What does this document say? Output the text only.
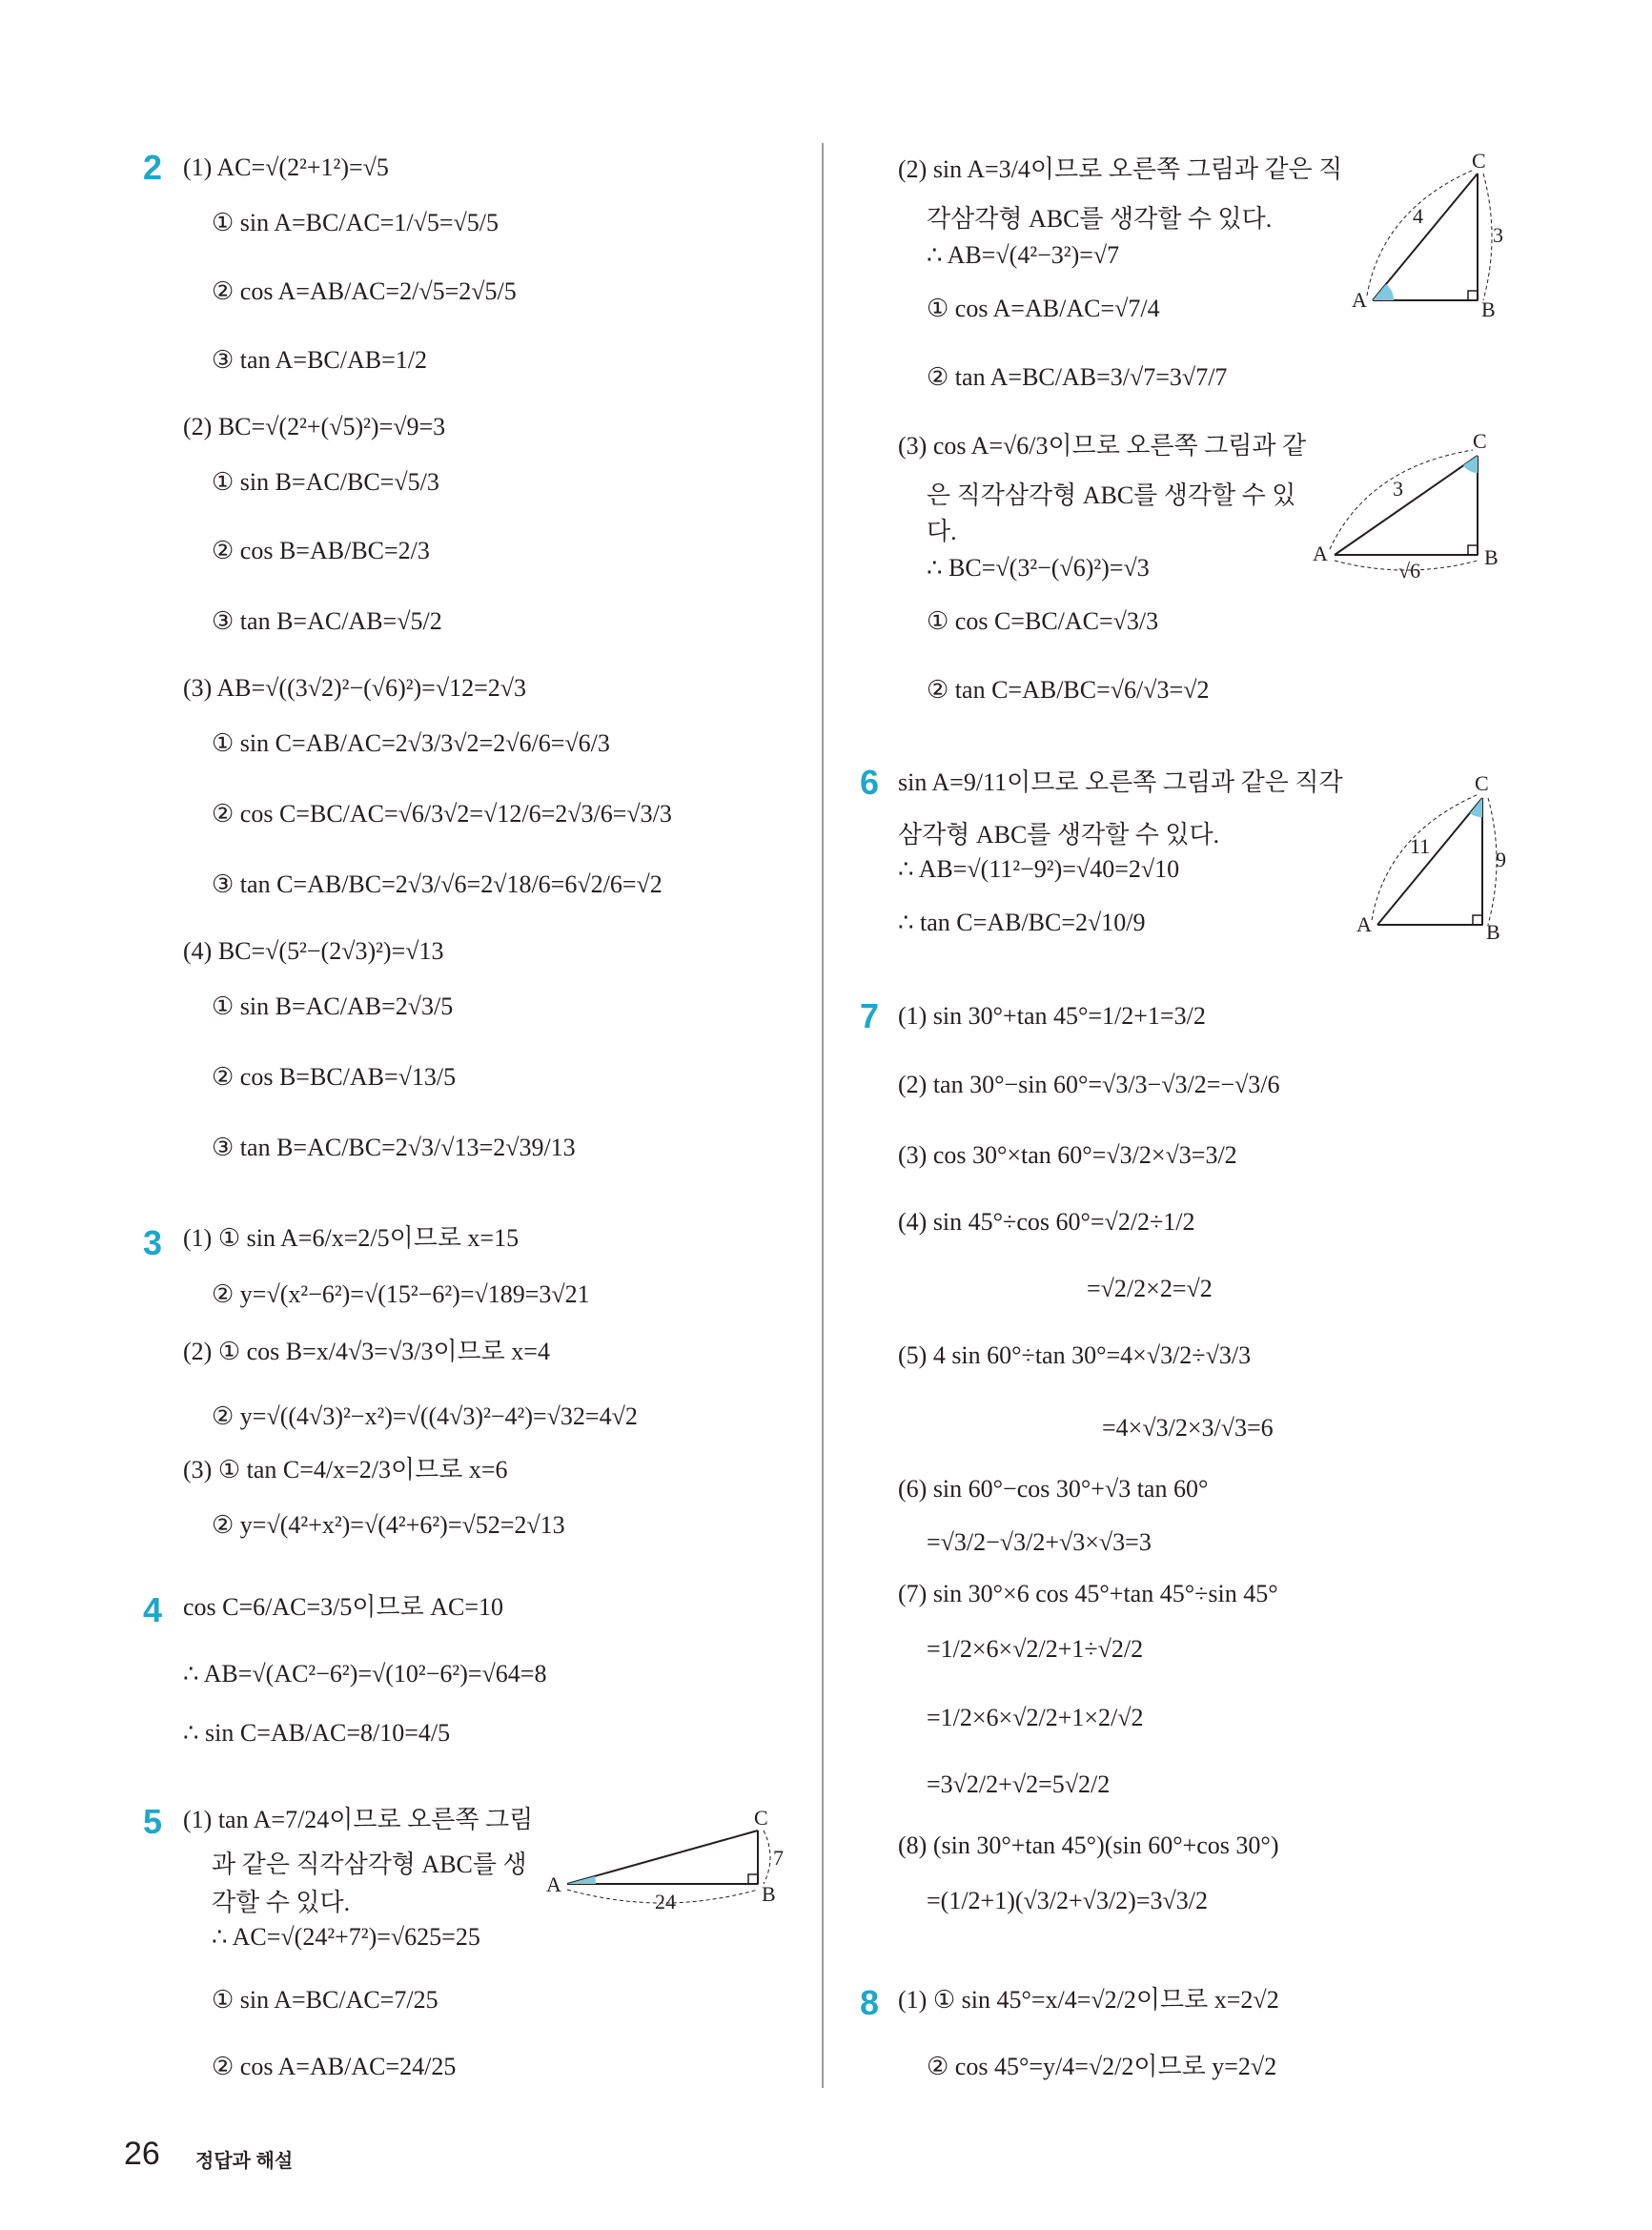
2
3
4
5
6
7
8
(1) AC=√(2²+1²)=√5
① sin A=BC/AC=1/√5=√5/5
② cos A=AB/AC=2/√5=2√5/5
③ tan A=BC/AB=1/2
(2) BC=√(2²+(√5)²)=√9=3
① sin B=AC/BC=√5/3
② cos B=AB/BC=2/3
③ tan B=AC/AB=√5/2
(3) AB=√((3√2)²−(√6)²)=√12=2√3
① sin C=AB/AC=2√3/3√2=2√6/6=√6/3
② cos C=BC/AC=√6/3√2=√12/6=2√3/6=√3/3
③ tan C=AB/BC=2√3/√6=2√18/6=6√2/6=√2
(4) BC=√(5²−(2√3)²)=√13
① sin B=AC/AB=2√3/5
② cos B=BC/AB=√13/5
③ tan B=AC/BC=2√3/√13=2√39/13
(1) ① sin A=6/x=2/5이므로 x=15
② y=√(x²−6²)=√(15²−6²)=√189=3√21
(2) ① cos B=x/4√3=√3/3이므로 x=4
② y=√((4√3)²−x²)=√((4√3)²−4²)=√32=4√2
(3) ① tan C=4/x=2/3이므로 x=6
② y=√(4²+x²)=√(4²+6²)=√52=2√13
cos C=6/AC=3/5이므로 AC=10
∴ AB=√(AC²−6²)=√(10²−6²)=√64=8
∴ sin C=AB/AC=8/10=4/5
(1) tan A=7/24이므로 오른쪽 그림
과 같은 직각삼각형 ABC를 생
각할 수 있다.
∴ AC=√(24²+7²)=√625=25
① sin A=BC/AC=7/25
② cos A=AB/AC=24/25
(2) sin A=3/4이므로 오른쪽 그림과 같은 직
각삼각형 ABC를 생각할 수 있다.
∴ AB=√(4²−3²)=√7
① cos A=AB/AC=√7/4
② tan A=BC/AB=3/√7=3√7/7
(3) cos A=√6/3이므로 오른쪽 그림과 같
은 직각삼각형 ABC를 생각할 수 있
다.
∴ BC=√(3²−(√6)²)=√3
① cos C=BC/AC=√3/3
② tan C=AB/BC=√6/√3=√2
sin A=9/11이므로 오른쪽 그림과 같은 직각
삼각형 ABC를 생각할 수 있다.
∴ AB=√(11²−9²)=√40=2√10
∴ tan C=AB/BC=2√10/9
(1) sin 30°+tan 45°=1/2+1=3/2
(2) tan 30°−sin 60°=√3/3−√3/2=−√3/6
(3) cos 30°×tan 60°=√3/2×√3=3/2
(4) sin 45°÷cos 60°=√2/2÷1/2
=√2/2×2=√2
(5) 4 sin 60°÷tan 30°=4×√3/2÷√3/3
=4×√3/2×3/√3=6
(6) sin 60°−cos 30°+√3 tan 60°
=√3/2−√3/2+√3×√3=3
(7) sin 30°×6 cos 45°+tan 45°÷sin 45°
=1/2×6×√2/2+1÷√2/2
=1/2×6×√2/2+1×2/√2
=3√2/2+√2=5√2/2
(8) (sin 30°+tan 45°)(sin 60°+cos 30°)
=(1/2+1)(√3/2+√3/2)=3√3/2
(1) ① sin 45°=x/4=√2/2이므로 x=2√2
② cos 45°=y/4=√2/2이므로 y=2√2
A	B
C
24
7
A	B
C
4
3
A	B
C
3
√6
A	B
C
11
9
26 정답과 해설
